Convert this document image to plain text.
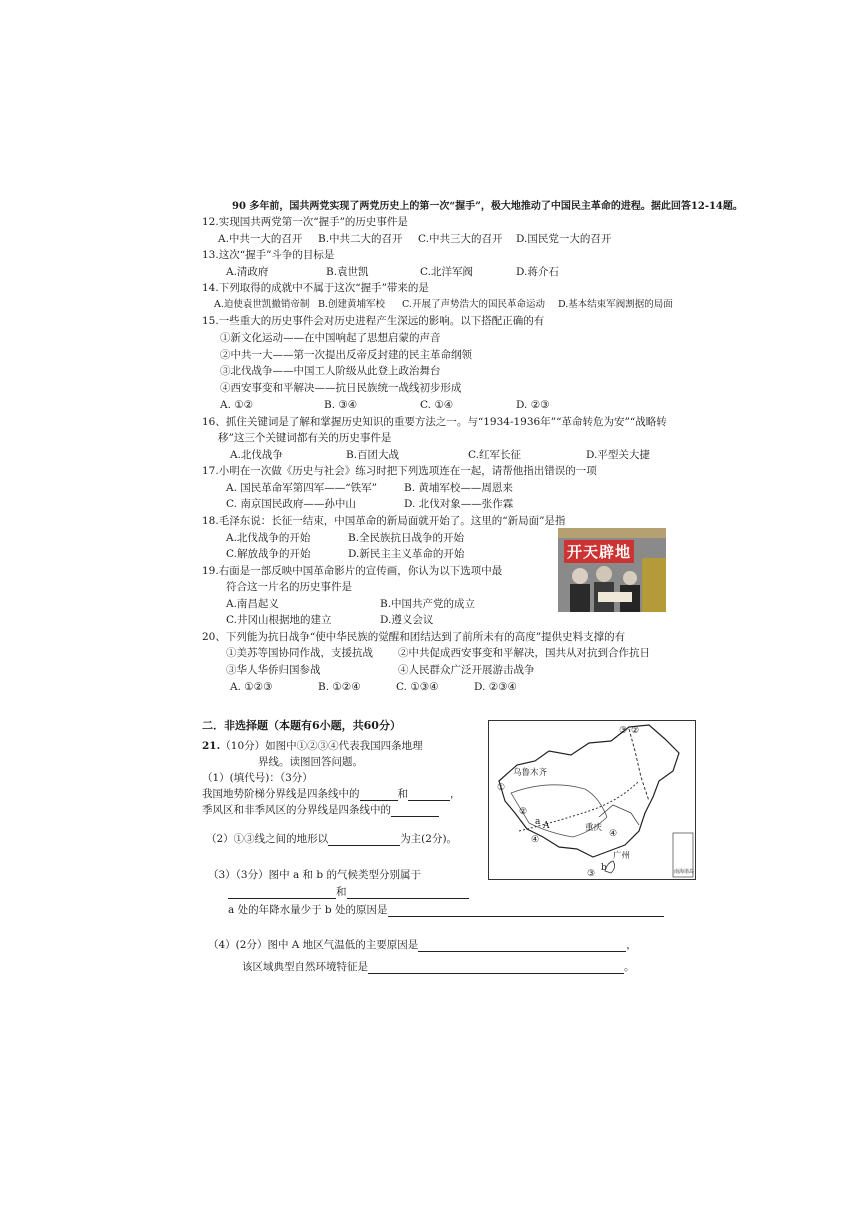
90 多年前，国共两党实现了两党历史上的第一次“握手”，极大地推动了中国民主革命的进程。据此回答12-14题。
12.实现国共两党第一次“握手”的历史事件是
A.中共一大的召开 B.中共二大的召开 C.中共三大的召开 D.国民党一大的召开
13.这次“握手”斗争的目标是
A.清政府	B.袁世凯	C.北洋军阀	D.蒋介石
14.下列取得的成就中不属于这次“握手”带来的是
A.迫使袁世凯撤销帝制 B.创建黄埔军校 C.开展了声势浩大的国民革命运动 D.基本结束军阀割据的局面
15.一些重大的历史事件会对历史进程产生深远的影响。以下搭配正确的有
①新文化运动——在中国响起了思想启蒙的声音
②中共一大——第一次提出反帝反封建的民主革命纲领
③北伐战争——中国工人阶级从此登上政治舞台
④西安事变和平解决——抗日民族统一战线初步形成
A. ①②	B. ③④	C. ①④	D. ②③
16、抓住关键词是了解和掌握历史知识的重要方法之一。与“1934-1936年”“革命转危为安”“战略转
移”这三个关键词都有关的历史事件是
A.北伐战争	B.百团大战	C.红军长征	D.平型关大捷
17.小明在一次做《历史与社会》练习时把下列选项连在一起，请帮他指出错误的一项
A. 国民革命军第四军——“铁军”	B. 黄埔军校——周恩来
C. 南京国民政府——孙中山	D. 北伐对象——张作霖
18.毛泽东说：长征一结束，中国革命的新局面就开始了。这里的“新局面”是指
A.北伐战争的开始	B.全民族抗日战争的开始
C.解放战争的开始	D.新民主主义革命的开始	开天辟地
19.右面是一部反映中国革命影片的宣传画，你认为以下选项中最
符合这一片名的历史事件是
A.南昌起义	B.中国共产党的成立
C.井冈山根据地的建立	D.遵义会议
20、下列能为抗日战争“使中华民族的觉醒和团结达到了前所未有的高度”提供史料支撑的有
①美苏等国协同作战，支援抗战 ②中共促成西安事变和平解决，国共从对抗到合作抗日
③华人华侨归国参战	④人民群众广泛开展游击战争
A. ①②③	B. ①②④	C. ①③④	D. ②③④
二．非选择题（本题有6小题，共60分）
21.（10分）如图中①②③④代表我国四条地理
界线。读图回答问题。
（1）(填代号)：（3分）
我国地势阶梯分界线是四条线中的	和	，
季风区和非季风区的分界线是四条线中的
（2）①③线之间的地形以	为主(2分)。
（3）（3分）图中 a 和 b 的气候类型分别属于
和
a 处的年降水量少于 b 处的原因是
（4）(2分）图中 A 地区气温低的主要原因是	，
该区域典型自然环境特征是	。
乌鲁木齐
①
②
③ ②
a A
④
重庆
④
③
b
广州
南海诸岛
